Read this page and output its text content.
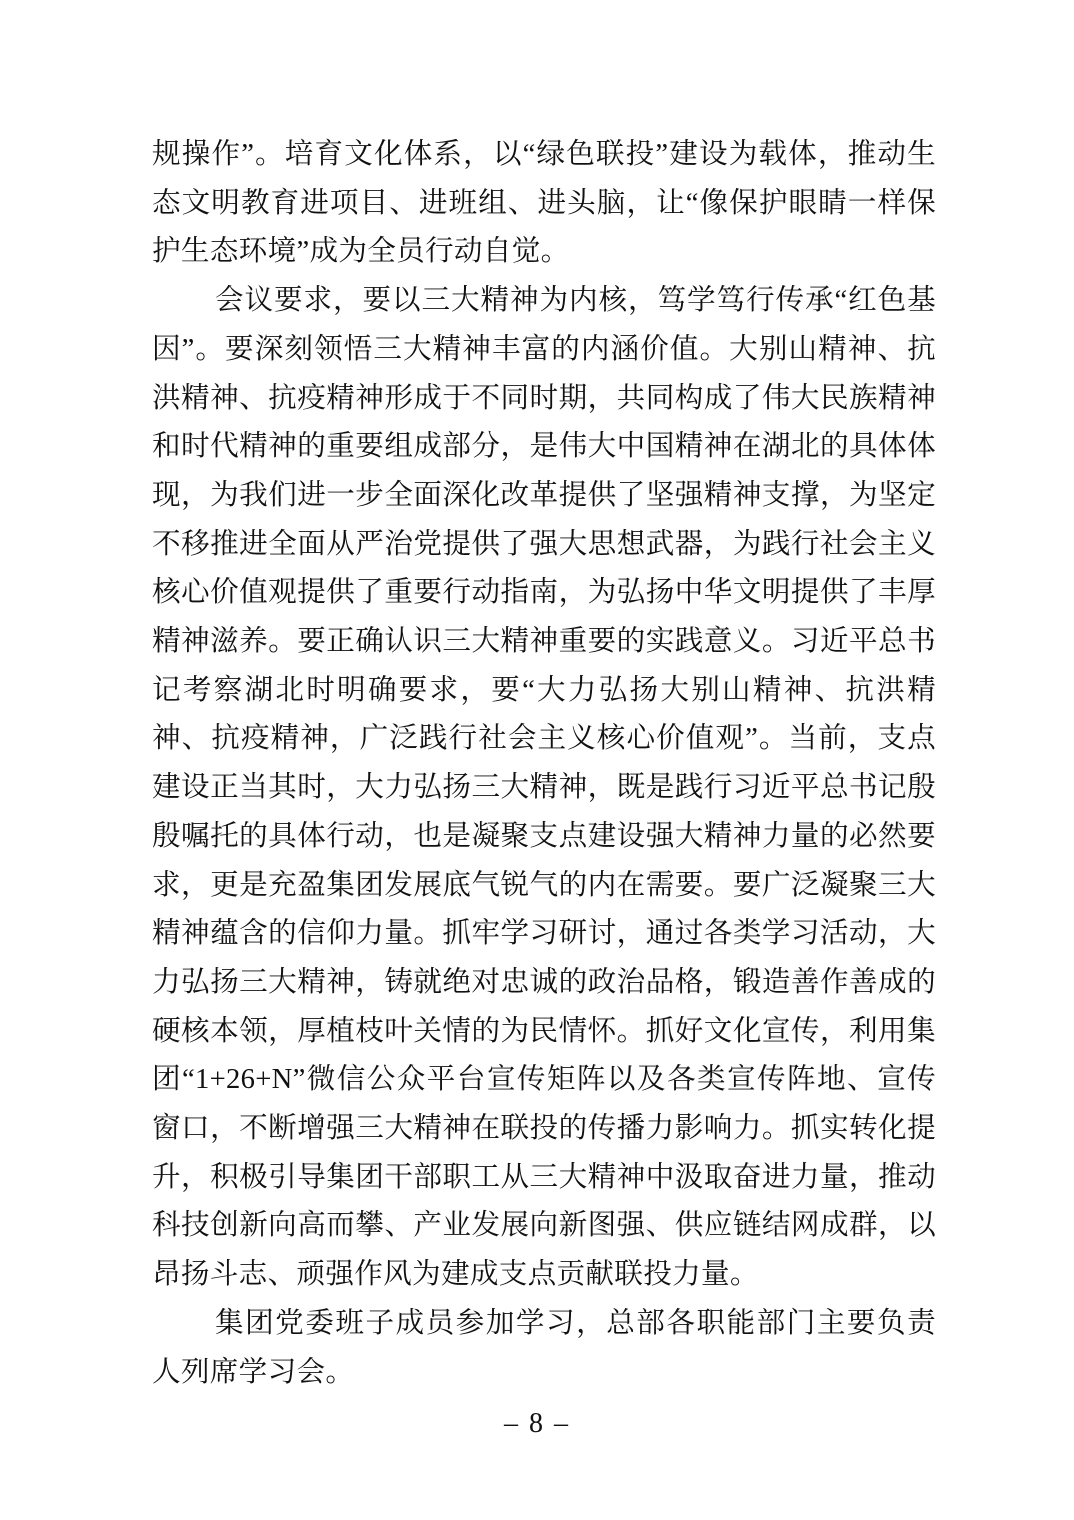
规操作”。培育文化体系，以“绿色联投”建设为载体，推动生态文明教育进项目、进班组、进头脑，让“像保护眼睛一样保护生态环境”成为全员行动自觉。

会议要求，要以三大精神为内核，笃学笃行传承“红色基因”。要深刻领悟三大精神丰富的内涵价值。大别山精神、抗洪精神、抗疫精神形成于不同时期，共同构成了伟大民族精神和时代精神的重要组成部分，是伟大中国精神在湖北的具体体现，为我们进一步全面深化改革提供了坚强精神支撑，为坚定不移推进全面从严治党提供了强大思想武器，为践行社会主义核心价值观提供了重要行动指南，为弘扬中华文明提供了丰厚精神滋养。要正确认识三大精神重要的实践意义。习近平总书记考察湖北时明确要求，要“大力弘扬大别山精神、抗洪精神、抗疫精神，广泛践行社会主义核心价值观”。当前，支点建设正当其时，大力弘扬三大精神，既是践行习近平总书记殷殷嘱托的具体行动，也是凝聚支点建设强大精神力量的必然要求，更是充盈集团发展底气锐气的内在需要。要广泛凝聚三大精神蕴含的信仰力量。抓牢学习研讨，通过各类学习活动，大力弘扬三大精神，铸就绝对忠诚的政治品格，锻造善作善成的硬核本领，厚植枝叶关情的为民情怀。抓好文化宣传，利用集团“1+26+N”微信公众平台宣传矩阵以及各类宣传阵地、宣传窗口，不断增强三大精神在联投的传播力影响力。抓实转化提升，积极引导集团干部职工从三大精神中汲取奋进力量，推动科技创新向高而攀、产业发展向新图强、供应链结网成群，以昂扬斗志、顽强作风为建成支点贡献联投力量。

集团党委班子成员参加学习，总部各职能部门主要负责人列席学习会。

– 8 –
